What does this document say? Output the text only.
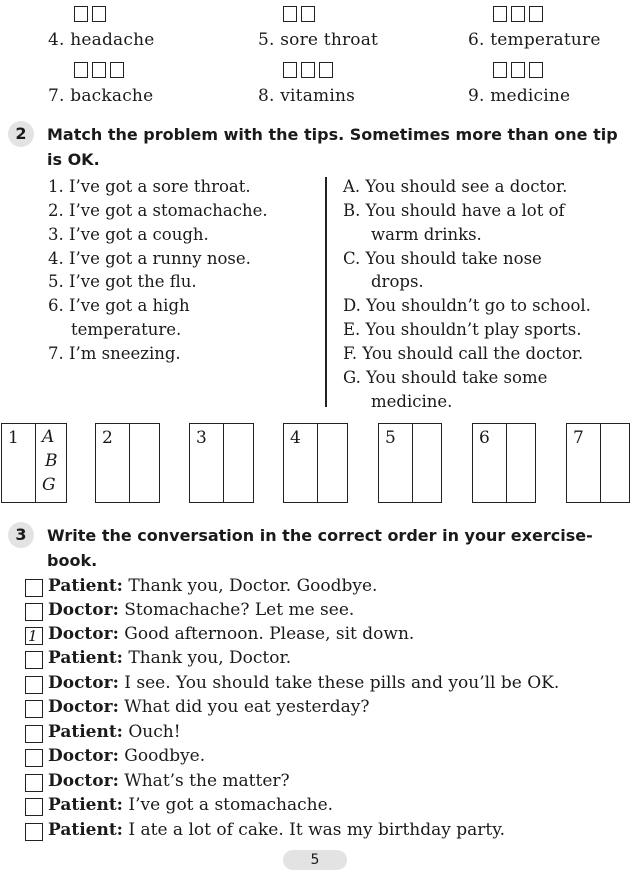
4. headache	5. sore throat	6. temperature
7. backache	8. vitamins	9. medicine
2	Match the problem with the tips. Sometimes more than one tip
is OK.
1. I’ve got a sore throat.
2. I’ve got a stomachache.
3. I’ve got a cough.
4. I’ve got a runny nose.
5. I’ve got the flu.
6. I’ve got a high
temperature.
7. I’m sneezing.
A. You should see a doctor.
B. You should have a lot of
warm drinks.
C. You should take nose
drops.
D. You shouldn’t go to school.
E. You shouldn’t play sports.
F. You should call the doctor.
G. You should take some
medicine.
1 A
B
G
2	3	4	5	6	7
3	Write the conversation in the correct order in your exercise-
book.
Patient: Thank you, Doctor. Goodbye.
Doctor: Stomachache? Let me see.
1 Doctor: Good afternoon. Please, sit down.
Patient: Thank you, Doctor.
Doctor: I see. You should take these pills and you’ll be OK.
Doctor: What did you eat yesterday?
Patient: Ouch!
Doctor: Goodbye.
Doctor: What’s the matter?
Patient: I’ve got a stomachache.
Patient: I ate a lot of cake. It was my birthday party.
5
